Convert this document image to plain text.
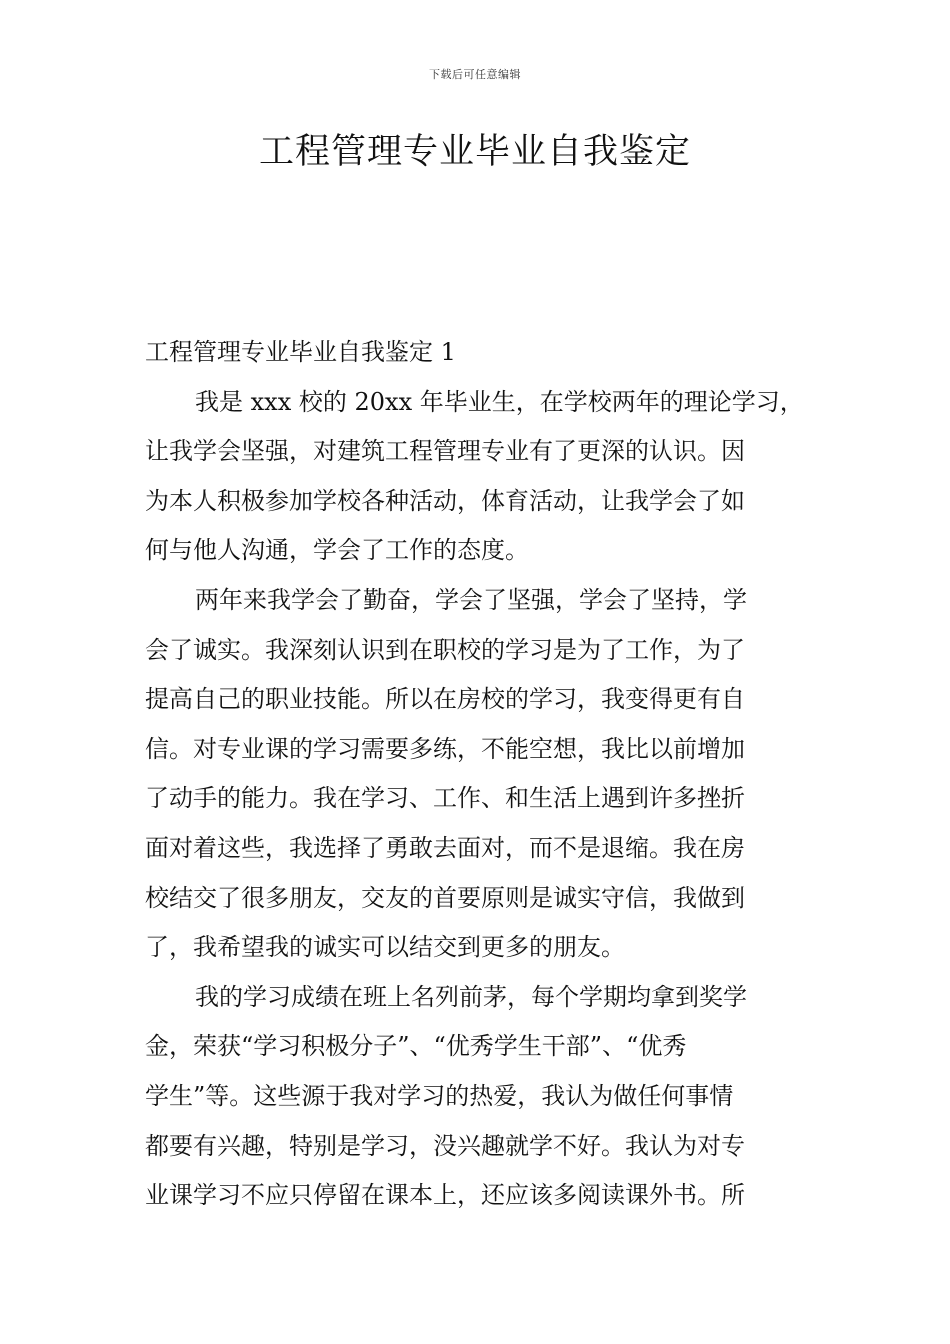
下载后可任意编辑
工程管理专业毕业自我鉴定
工程管理专业毕业自我鉴定 1
我是 xxx 校的 20xx 年毕业生，在学校两年的理论学习，
让我学会坚强，对建筑工程管理专业有了更深的认识。因
为本人积极参加学校各种活动，体育活动，让我学会了如
何与他人沟通，学会了工作的态度。
两年来我学会了勤奋，学会了坚强，学会了坚持，学
会了诚实。我深刻认识到在职校的学习是为了工作，为了
提高自己的职业技能。所以在房校的学习，我变得更有自
信。对专业课的学习需要多练，不能空想，我比以前增加
了动手的能力。我在学习、工作、和生活上遇到许多挫折
面对着这些，我选择了勇敢去面对，而不是退缩。我在房
校结交了很多朋友，交友的首要原则是诚实守信，我做到
了，我希望我的诚实可以结交到更多的朋友。
我的学习成绩在班上名列前茅，每个学期均拿到奖学
金，荣获“学习积极分子”、“优秀学生干部”、“优秀
学生”等。这些源于我对学习的热爱，我认为做任何事情
都要有兴趣，特别是学习，没兴趣就学不好。我认为对专
业课学习不应只停留在课本上，还应该多阅读课外书。所
